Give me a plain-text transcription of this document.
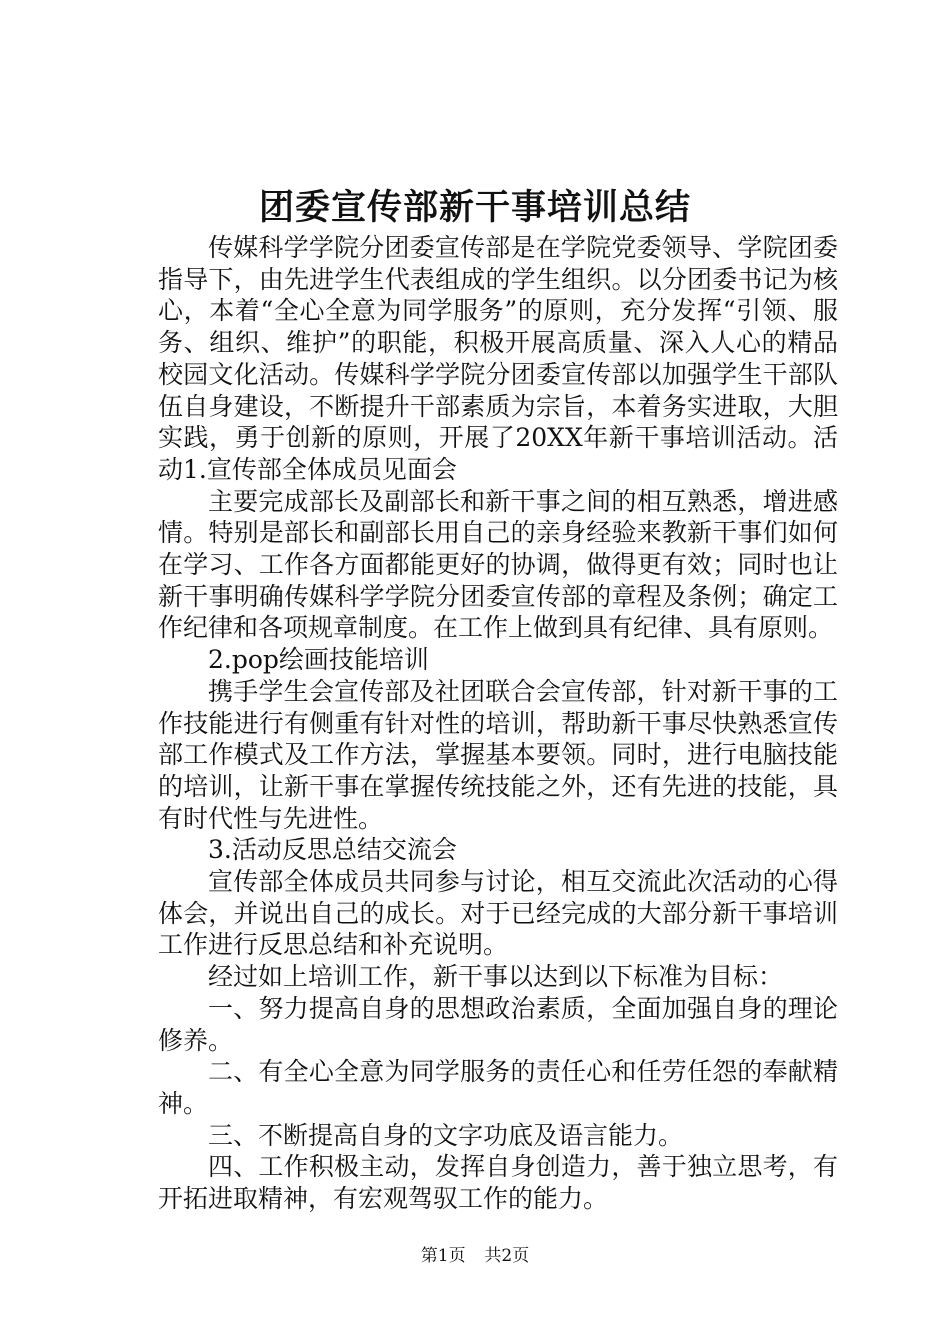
团委宣传部新干事培训总结

传媒科学学院分团委宣传部是在学院党委领导、学院团委指导下，由先进学生代表组成的学生组织。以分团委书记为核心，本着“全心全意为同学服务”的原则，充分发挥“引领、服务、组织、维护”的职能，积极开展高质量、深入人心的精品校园文化活动。传媒科学学院分团委宣传部以加强学生干部队伍自身建设，不断提升干部素质为宗旨，本着务实进取，大胆实践，勇于创新的原则，开展了20XX年新干事培训活动。活动1.宣传部全体成员见面会

主要完成部长及副部长和新干事之间的相互熟悉，增进感情。特别是部长和副部长用自己的亲身经验来教新干事们如何在学习、工作各方面都能更好的协调，做得更有效；同时也让新干事明确传媒科学学院分团委宣传部的章程及条例；确定工作纪律和各项规章制度。在工作上做到具有纪律、具有原则。

2.pop绘画技能培训

携手学生会宣传部及社团联合会宣传部，针对新干事的工作技能进行有侧重有针对性的培训，帮助新干事尽快熟悉宣传部工作模式及工作方法，掌握基本要领。同时，进行电脑技能的培训，让新干事在掌握传统技能之外，还有先进的技能，具有时代性与先进性。

3.活动反思总结交流会

宣传部全体成员共同参与讨论，相互交流此次活动的心得体会，并说出自己的成长。对于已经完成的大部分新干事培训工作进行反思总结和补充说明。

经过如上培训工作，新干事以达到以下标准为目标：

一、努力提高自身的思想政治素质，全面加强自身的理论修养。

二、有全心全意为同学服务的责任心和任劳任怨的奉献精神。

三、不断提高自身的文字功底及语言能力。

四、工作积极主动，发挥自身创造力，善于独立思考，有开拓进取精神，有宏观驾驭工作的能力。

第1页 共2页
